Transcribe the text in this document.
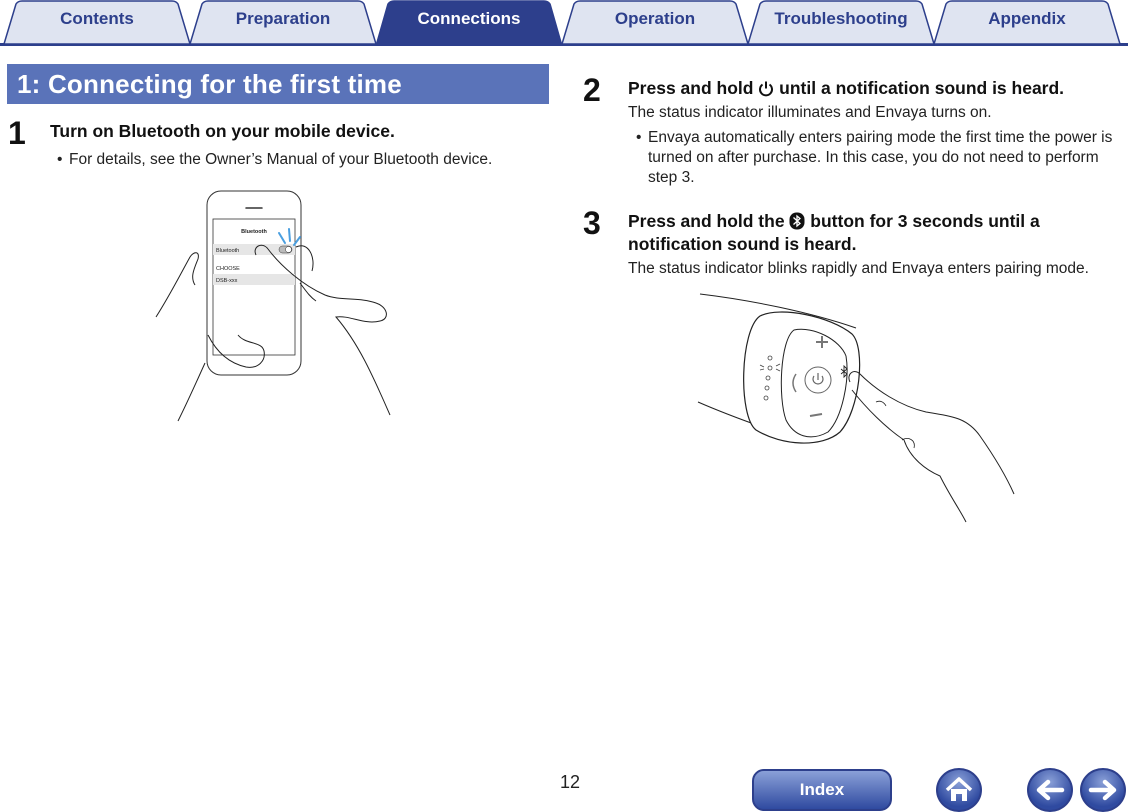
Contents	Preparation	Connections	Operation	Troubleshooting	Appendix
1: Connecting for the first time
1 Turn on Bluetooth on your mobile device.
• For details, see the Owner’s Manual of your Bluetooth device.
Bluetooth
Bluetooth
CHOOSE
DSB-xxx
2 Press and hold  until a notification sound is heard.
The status indicator illuminates and Envaya turns on.
• Envaya automatically enters pairing mode the first time the power is turned on after purchase. In this case, you do not need to perform step 3.
3 Press and hold the  button for 3 seconds until a
notification sound is heard.
The status indicator blinks rapidly and Envaya enters pairing mode.
12	Index
